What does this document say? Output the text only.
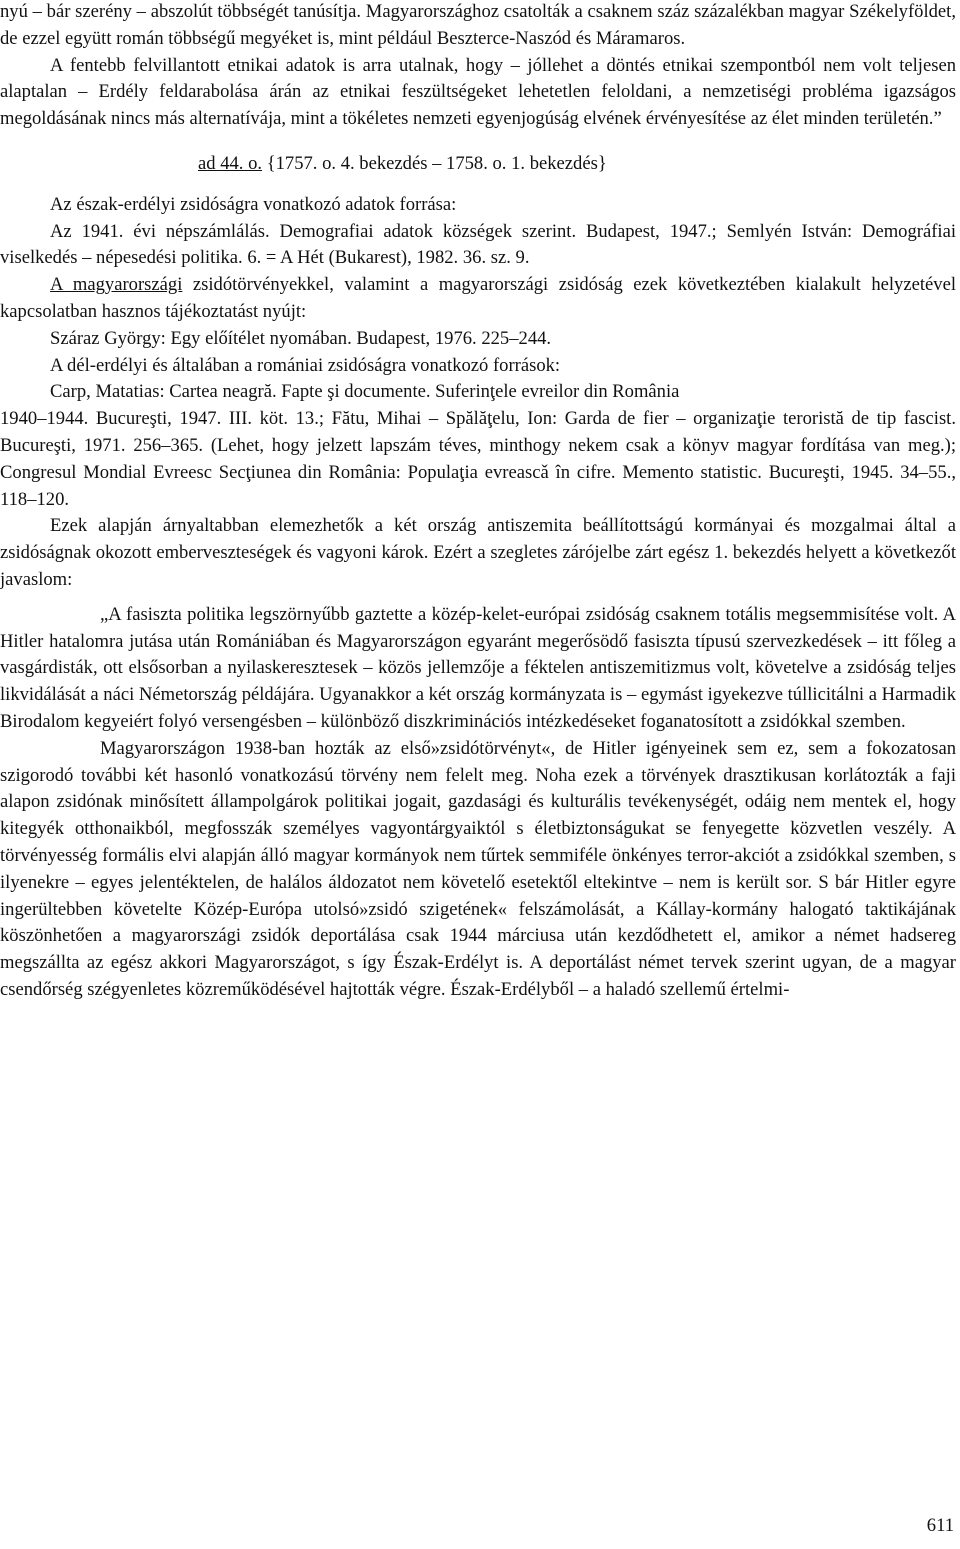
nyú – bár szerény – abszolút többségét tanúsítja. Magyarországhoz csatolták a csaknem száz százalékban magyar Székelyföldet, de ezzel együtt román többségű megyéket is, mint például Beszterce-Naszód és Máramaros.

A fentebb felvillantott etnikai adatok is arra utalnak, hogy – jóllehet a döntés etnikai szempontból nem volt teljesen alaptalan – Erdély feldarabolása árán az etnikai feszültségeket lehetetlen feloldani, a nemzetiségi probléma igazságos megoldásának nincs más alternatívája, mint a tökéletes nemzeti egyenjogúság elvének érvényesítése az élet minden területén.”

ad 44. o. {1757. o. 4. bekezdés – 1758. o. 1. bekezdés}

Az észak-erdélyi zsidóságra vonatkozó adatok forrása:

Az 1941. évi népszámlálás. Demografiai adatok községek szerint. Budapest, 1947.; Semlyén István: Demográfiai viselkedés – népesedési politika. 6. = A Hét (Bukarest), 1982. 36. sz. 9.

A magyarországi zsidótörvényekkel, valamint a magyarországi zsidóság ezek következtében kialakult helyzetével kapcsolatban hasznos tájékoztatást nyújt:

Száraz György: Egy előítélet nyomában. Budapest, 1976. 225–244.

A dél-erdélyi és általában a romániai zsidóságra vonatkozó források:

Carp, Matatias: Cartea neagră. Fapte şi documente. Suferinţele evreilor din România

1940–1944. Bucureşti, 1947. III. köt. 13.; Fătu, Mihai – Spălăţelu, Ion: Garda de fier – organizaţie teroristă de tip fascist. Bucureşti, 1971. 256–365. (Lehet, hogy jelzett lapszám téves, minthogy nekem csak a könyv magyar fordítása van meg.); Congresul Mondial Evreesc Secţiunea din România: Populaţia evreascǎ în cifre. Memento statistic. Bucureşti, 1945. 34–55., 118–120.

Ezek alapján árnyaltabban elemezhetők a két ország antiszemita beállítottságú kormányai és mozgalmai által a zsidóságnak okozott emberveszteségek és vagyoni károk. Ezért a szegletes zárójelbe zárt egész 1. bekezdés helyett a következőt javaslom:

„A fasiszta politika legszörnyűbb gaztette a közép-kelet-európai zsidóság csaknem totális megsemmisítése volt. A Hitler hatalomra jutása után Romániában és Magyarországon egyaránt megerősödő fasiszta típusú szervezkedések – itt főleg a vasgárdisták, ott elsősorban a nyilaskeresztesek – közös jellemzője a féktelen antiszemitizmus volt, követelve a zsidóság teljes likvidálását a náci Németország példájára. Ugyanakkor a két ország kormányzata is – egymást igyekezve túllicitálni a Harmadik Birodalom kegyeiért folyó versengésben – különböző diszkriminációs intézkedéseket foganatosított a zsidókkal szemben.

Magyarországon 1938-ban hozták az első»zsidótörvényt«, de Hitler igényeinek sem ez, sem a fokozatosan szigorodó további két hasonló vonatkozású törvény nem felelt meg. Noha ezek a törvények drasztikusan korlátozták a faji alapon zsidónak minősített állampolgárok politikai jogait, gazdasági és kulturális tevékenységét, odáig nem mentek el, hogy kitegyék otthonaikból, megfosszák személyes vagyontárgyaiktól s életbiztonságukat se fenyegette közvetlen veszély. A törvényesség formális elvi alapján álló magyar kormányok nem tűrtek semmiféle önkényes terror-akciót a zsidókkal szemben, s ilyenekre – egyes jelentéktelen, de halálos áldozatot nem követelő esetektől eltekintve – nem is került sor. S bár Hitler egyre ingerültebben követelte Közép-Európa utolsó»zsidó szigetének« felszámolását, a Kállay-kormány halogató taktikájának köszönhetően a magyarországi zsidók deportálása csak 1944 márciusa után kezdődhetett el, amikor a német hadsereg megszállta az egész akkori Magyarországot, s így Észak-Erdélyt is. A deportálást német tervek szerint ugyan, de a magyar csendőrség szégyenletes közreműködésével hajtották végre. Észak-Erdélyből – a haladó szellemű értelmi-

611
